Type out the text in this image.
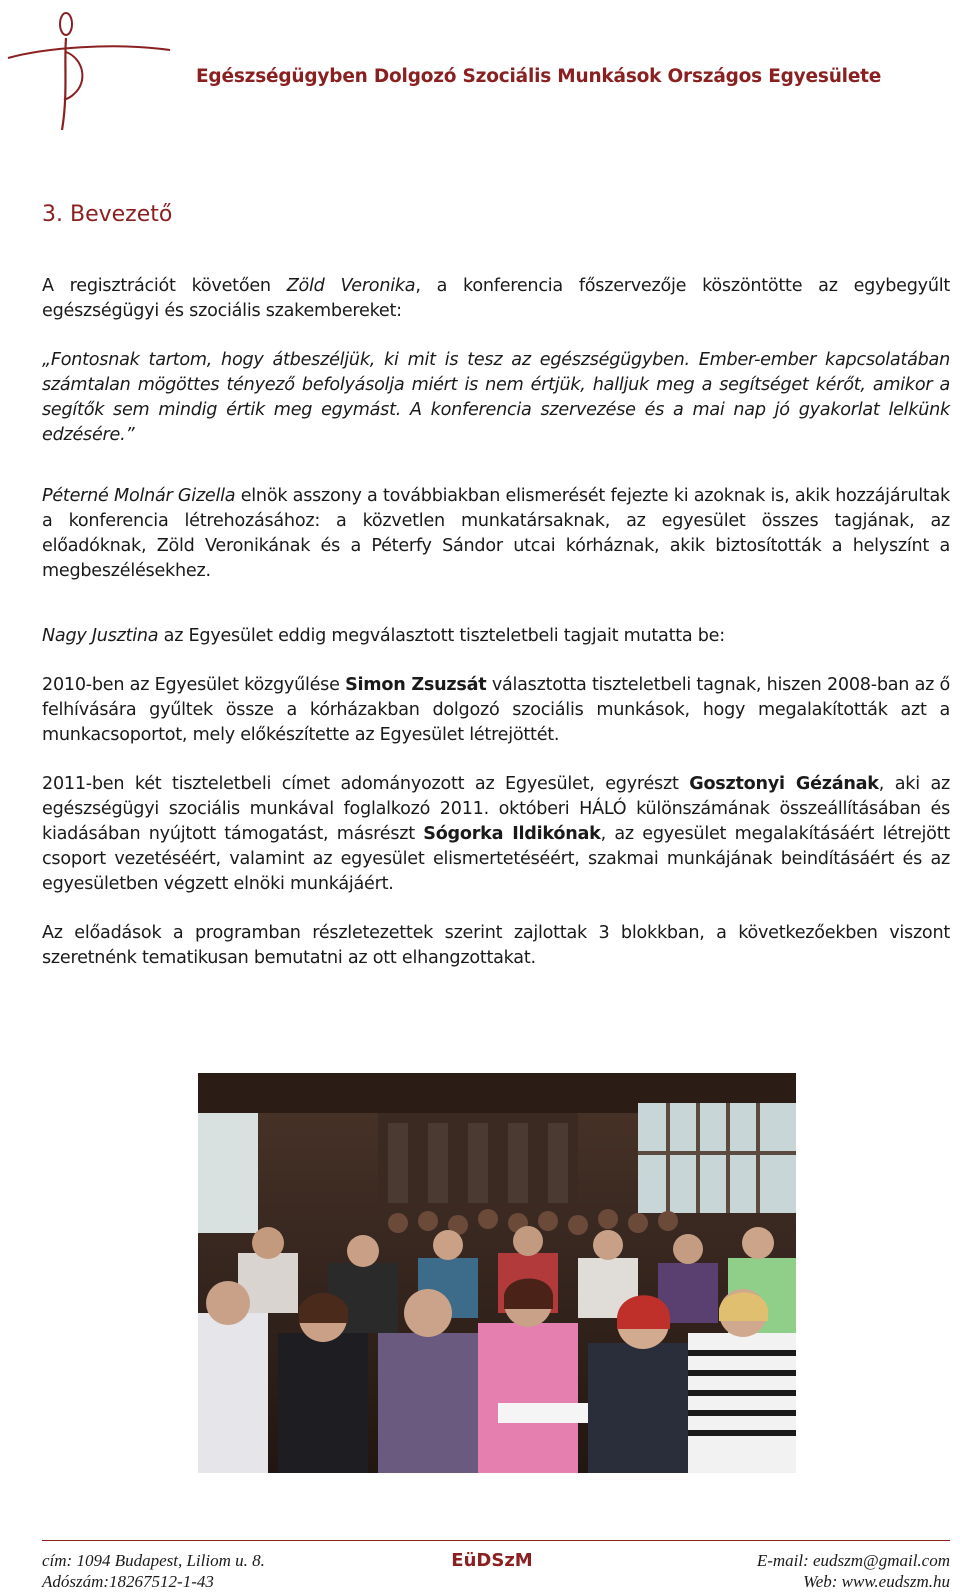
Egészségügyben Dolgozó Szociális Munkások Országos Egyesülete
3. Bevezető

A regisztrációt követően Zöld Veronika, a konferencia főszervezője köszöntötte az egybegyűlt egészségügyi és szociális szakembereket:

„Fontosnak tartom, hogy átbeszéljük, ki mit is tesz az egészségügyben. Ember-ember kapcsolatában számtalan mögöttes tényező befolyásolja miért is nem értjük, halljuk meg a segítséget kérőt, amikor a segítők sem mindig értik meg egymást. A konferencia szervezése és a mai nap jó gyakorlat lelkünk edzésére.”

Péterné Molnár Gizella elnök asszony a továbbiakban elismerését fejezte ki azoknak is, akik hozzájárultak a konferencia létrehozásához: a közvetlen munkatársaknak, az egyesület összes tagjának, az előadóknak, Zöld Veronikának és a Péterfy Sándor utcai kórháznak, akik biztosították a helyszínt a megbeszélésekhez.

Nagy Jusztina az Egyesület eddig megválasztott tiszteletbeli tagjait mutatta be:

2010-ben az Egyesület közgyűlése Simon Zsuzsát választotta tiszteletbeli tagnak, hiszen 2008-ban az ő felhívására gyűltek össze a kórházakban dolgozó szociális munkások, hogy megalakították azt a munkacsoportot, mely előkészítette az Egyesület létrejöttét.

2011-ben két tiszteletbeli címet adományozott az Egyesület, egyrészt Gosztonyi Gézának, aki az egészségügyi szociális munkával foglalkozó 2011. októberi HÁLÓ különszámának összeállításában és kiadásában nyújtott támogatást, másrészt Sógorka Ildikónak, az egyesület megalakításáért létrejött csoport vezetéséért, valamint az egyesület elismertetéséért, szakmai munkájának beindításáért és az egyesületben végzett elnöki munkájáért.

Az előadások a programban részletezettek szerint zajlottak 3 blokkban, a következőekben viszont szeretnénk tematikusan bemutatni az ott elhangzottakat.

cím: 1094 Budapest, Liliom u. 8.
Adószám:18267512-1-43
EüDSzM	E-mail: eudszm@gmail.com
Web: www.eudszm.hu
